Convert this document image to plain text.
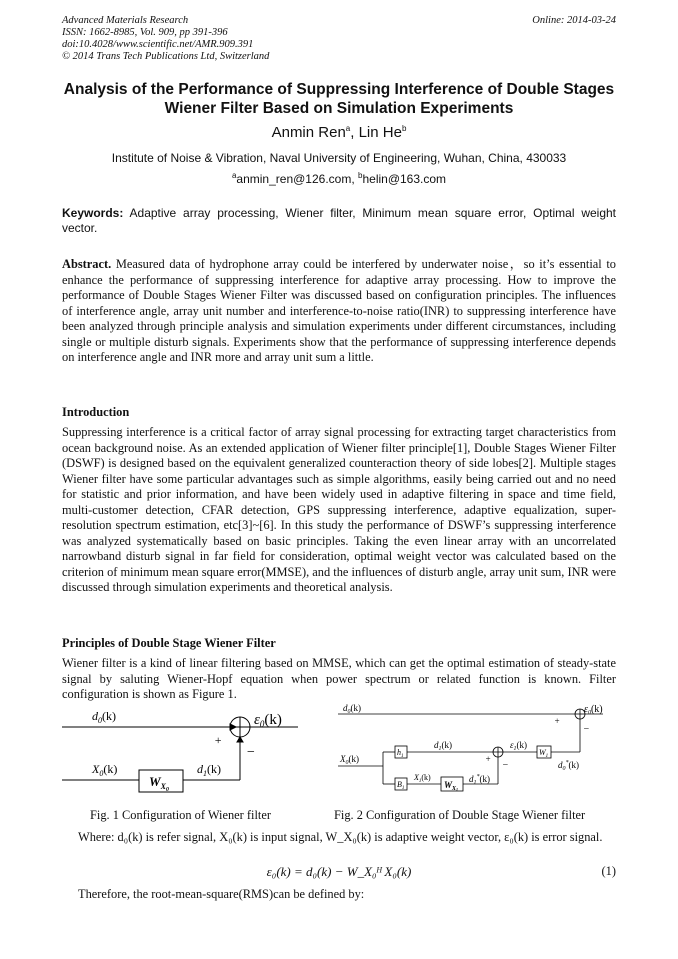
Advanced Materials Research
ISSN: 1662-8985, Vol. 909, pp 391-396
doi:10.4028/www.scientific.net/AMR.909.391
© 2014 Trans Tech Publications Ltd, Switzerland
Online: 2014-03-24
Analysis of the Performance of Suppressing Interference of Double Stages Wiener Filter Based on Simulation Experiments
Anmin Ren$^a$, Lin He$^b$
Institute of Noise & Vibration, Naval University of Engineering, Wuhan, China, 430033
$^a$anmin_ren@126.com, $^b$helin@163.com
Keywords: Adaptive array processing, Wiener filter, Minimum mean square error, Optimal weight vector.
Abstract. Measured data of hydrophone array could be interfered by underwater noise，so it’s essential to enhance the performance of suppressing interference for adaptive array processing. How to improve the performance of Double Stages Wiener Filter was discussed based on configuration principles. The influences of interference angle, array unit number and interference-to-noise ratio(INR) to suppressing interference have been analyzed through principle analysis and simulation experiments under different circumstances, including single or multiple disturb signals. Experiments show that the performance of suppressing interference depends on interference angle and INR more and array unit sum a little.
Introduction
Suppressing interference is a critical factor of array signal processing for extracting target characteristics from ocean background noise. As an extended application of Wiener filter principle[1], Double Stages Wiener Filter (DSWF) is designed based on the equivalent generalized counteraction theory of side lobes[2]. Multiple stages Wiener filter have some particular advantages such as simple algorithms, easily being carried out and no need for statistic and prior information, and have been widely used in adaptive filtering in space and time field, multi-customer detection, CFAR detection, GPS suppressing interference, adaptive equalization, super-resolution spectrum estimation, etc[3]~[6]. In this study the performance of DSWF’s suppressing interference was analyzed systematically based on basic principles. Taking the even linear array with an uncorrelated narrowband disturb signal in far field for consideration, optimal weight vector was calculated based on the criterion of minimum mean square error(MMSE), and the influences of disturb angle, array unit sum, INR were discussed through simulation experiments and theoretical analysis.
Principles of Double Stage Wiener Filter
Wiener filter is a kind of linear filtering based on MMSE, which can get the optimal estimation of steady-state signal by saluting Wiener-Hopf equation when power spectrum or related function is known. Filter configuration is shown as Figure 1.
$d_0(k)$
$X_0(k)$
$W_X0$
$d_1(k)$
$\varepsilon_0(k)$
+
−
Fig. 1 Configuration of Wiener filter
$d_0(k)$
$X_0(k)$
$h_1$
$B_1$
$d_1(k)$
$X_1(k)$
$W_X1$
$d_1^*(k)$
$\varepsilon_1(k)$
$W_1$
$d_0^*(k)$
$\varepsilon_0(k)$
+
−
+
−
Fig. 2 Configuration of Double Stage Wiener filter
Where: d₀(k) is refer signal, X₀(k) is input signal, W_X₀(k) is adaptive weight vector, ε₀(k) is error signal.
ε₀(k) = d₀(k) − W_X₀ᴴ X₀(k)	(1)
Therefore, the root-mean-square(RMS)can be defined by:
